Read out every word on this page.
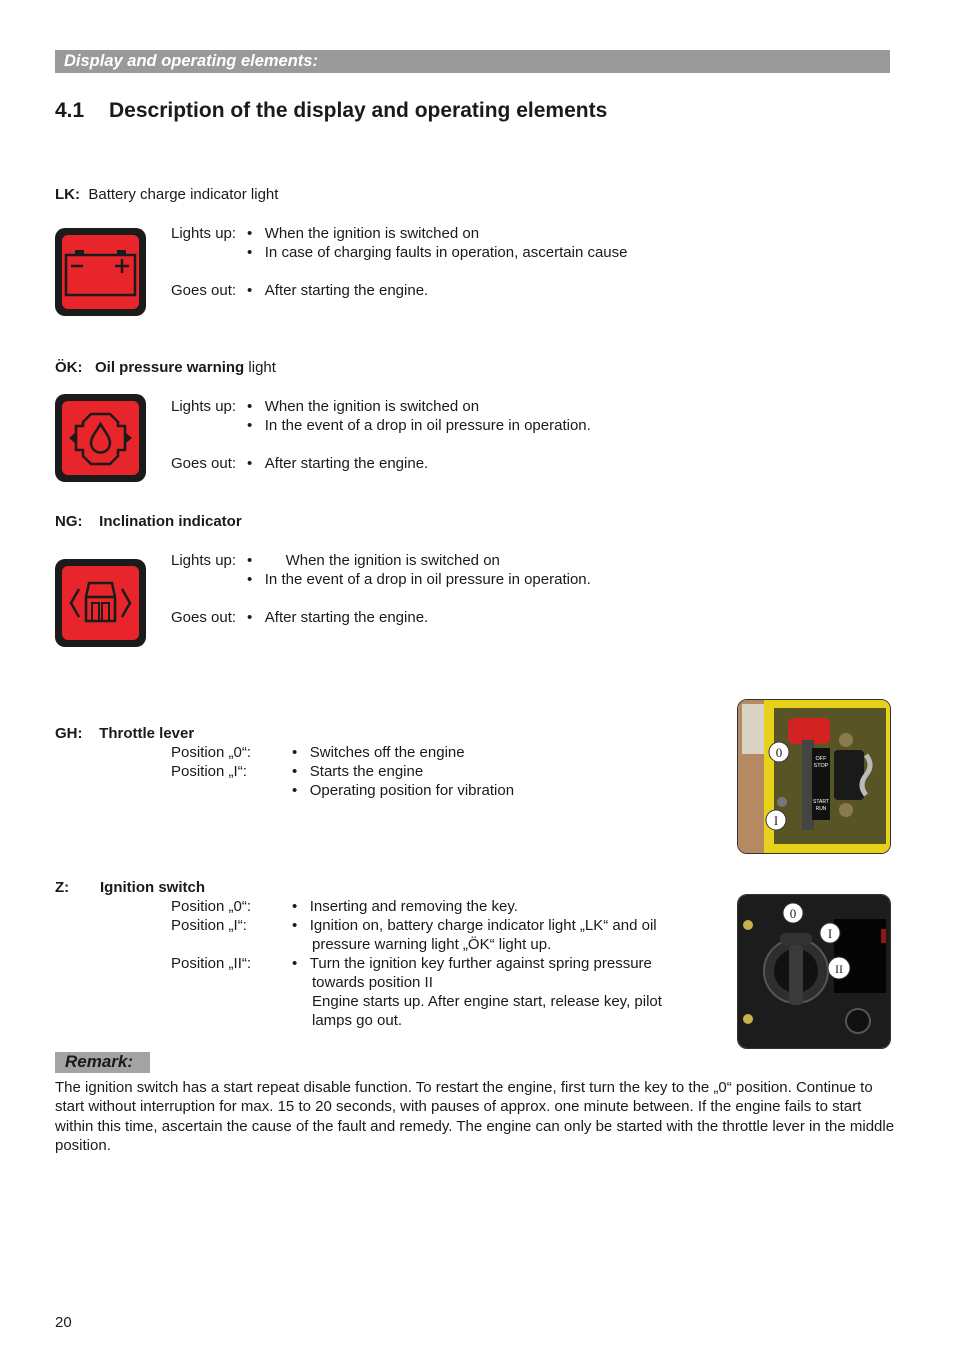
Display and operating elements:
4.1 Description of the display and operating elements
LK: Battery charge indicator light
Lights up: •   When the ignition is switched on
•   In case of charging faults in operation, ascertain cause
Goes out: •   After starting the engine.
ÖK: Oil pressure warning light
Lights up: •   When the ignition is switched on
•   In the event of a drop in oil pressure in operation.
Goes out: •   After starting the engine.
NG: Inclination indicator
Lights up: •        When the ignition is switched on
•   In the event of a drop in oil pressure in operation.
Goes out: •   After starting the engine.
GH: Throttle lever
Position „0“:	•   Switches off the engine
Position „I“:	•   Starts the engine
•   Operating position for vibration
OFF
STOP
START
RUN
0
I
Z: Ignition switch
Position „0“:	•   Inserting and removing the key.
Position „I“:	•   Ignition on, battery charge indicator light „LK“ and oil
pressure warning light „ÖK“ light up.
Position „II“:	•   Turn the ignition key further against spring pressure
towards position II
Engine starts up. After engine start, release key, pilot
lamps go out.
0
I
II
Remark:
The ignition switch has a start repeat disable function. To restart the engine, first turn the key to the „0“ position. Continue to start without interruption for max. 15 to 20 seconds, with pauses of approx. one minute between. If the engine fails to start within this time, ascertain the cause of the fault and remedy. The engine can only be started with the throttle lever in the middle position.
20
